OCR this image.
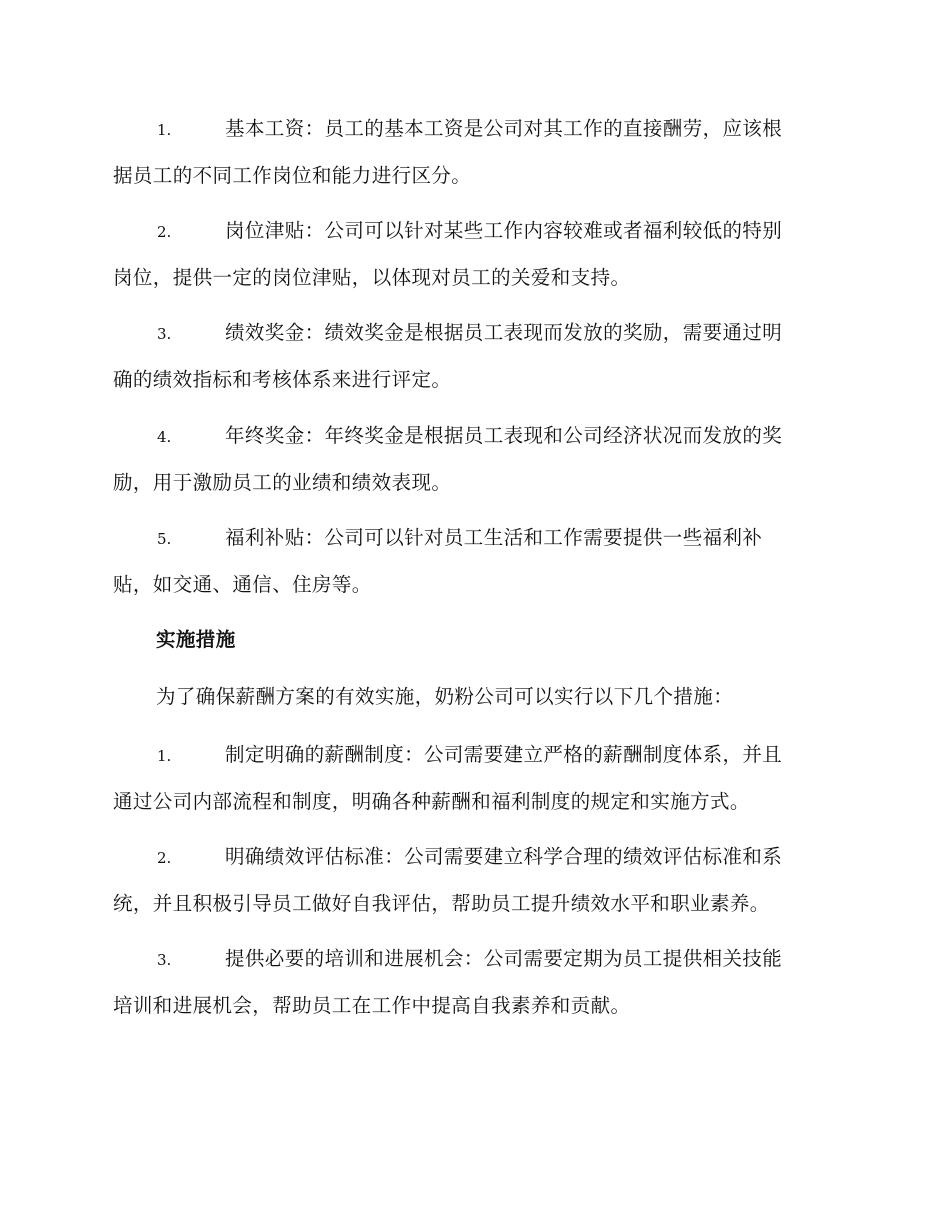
1.	基本工资：员工的基本工资是公司对其工作的直接酬劳，应该根
据员工的不同工作岗位和能力进行区分。
2.	岗位津贴：公司可以针对某些工作内容较难或者福利较低的特别
岗位，提供一定的岗位津贴，以体现对员工的关爱和支持。
3.	绩效奖金：绩效奖金是根据员工表现而发放的奖励，需要通过明
确的绩效指标和考核体系来进行评定。
4.	年终奖金：年终奖金是根据员工表现和公司经济状况而发放的奖
励，用于激励员工的业绩和绩效表现。
5.	福利补贴：公司可以针对员工生活和工作需要提供一些福利补
贴，如交通、通信、住房等。
实施措施
为了确保薪酬方案的有效实施，奶粉公司可以实行以下几个措施：
1.	制定明确的薪酬制度：公司需要建立严格的薪酬制度体系，并且
通过公司内部流程和制度，明确各种薪酬和福利制度的规定和实施方式。
2.	明确绩效评估标准：公司需要建立科学合理的绩效评估标准和系
统，并且积极引导员工做好自我评估，帮助员工提升绩效水平和职业素养。
3.	提供必要的培训和进展机会：公司需要定期为员工提供相关技能
培训和进展机会，帮助员工在工作中提高自我素养和贡献。
